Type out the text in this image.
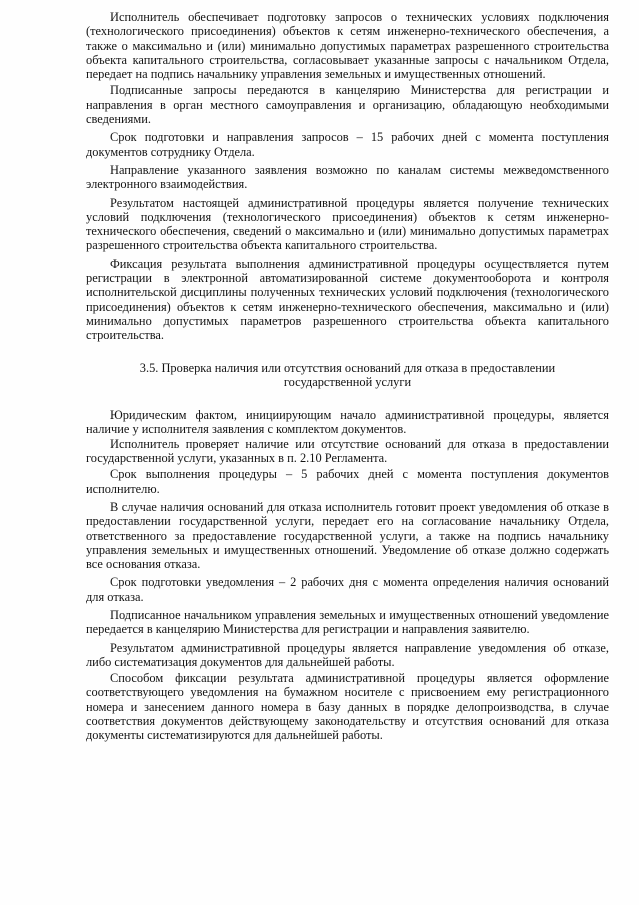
Исполнитель обеспечивает подготовку запросов о технических условиях подключения (технологического присоединения) объектов к сетям инженерно-технического обеспечения, а также о максимально и (или) минимально допустимых параметрах разрешенного строительства объекта капитального строительства, согласовывает указанные запросы с начальником Отдела, передает на подпись начальнику управления земельных и имущественных отношений.

Подписанные запросы передаются в канцелярию Министерства для регистрации и направления в орган местного самоуправления и организацию, обладающую необходимыми сведениями.

Срок подготовки и направления запросов – 15 рабочих дней с момента поступления документов сотруднику Отдела.

Направление указанного заявления возможно по каналам системы межведомственного электронного взаимодействия.

Результатом настоящей административной процедуры является получение технических условий подключения (технологического присоединения) объектов к сетям инженерно-технического обеспечения, сведений о максимально и (или) минимально допустимых параметрах разрешенного строительства объекта капитального строительства.

Фиксация результата выполнения административной процедуры осуществляется путем регистрации в электронной автоматизированной системе документооборота и контроля исполнительской дисциплины полученных технических условий подключения (технологического присоединения) объектов к сетям инженерно-технического обеспечения, максимально и (или) минимально допустимых параметров разрешенного строительства объекта капитального строительства.

3.5. Проверка наличия или отсутствия оснований для отказа в предоставлении
государственной услуги

Юридическим фактом, инициирующим начало административной процедуры, является наличие у исполнителя заявления с комплектом документов.

Исполнитель проверяет наличие или отсутствие оснований для отказа в предоставлении государственной услуги, указанных в п. 2.10 Регламента.

Срок выполнения процедуры – 5 рабочих дней с момента поступления документов исполнителю.

В случае наличия оснований для отказа исполнитель готовит проект уведомления об отказе в предоставлении государственной услуги, передает его на согласование начальнику Отдела, ответственного за предоставление государственной услуги, а также на подпись начальнику управления земельных и имущественных отношений. Уведомление об отказе должно содержать все основания отказа.

Срок подготовки уведомления – 2 рабочих дня с момента определения наличия оснований для отказа.

Подписанное начальником управления земельных и имущественных отношений уведомление передается в канцелярию Министерства для регистрации и направления заявителю.

Результатом административной процедуры является направление уведомления об отказе, либо систематизация документов для дальнейшей работы.

Способом фиксации результата административной процедуры является оформление соответствующего уведомления на бумажном носителе с присвоением ему регистрационного номера и занесением данного номера в базу данных в порядке делопроизводства, в случае соответствия документов действующему законодательству и отсутствия оснований для отказа документы систематизируются для дальнейшей работы.
